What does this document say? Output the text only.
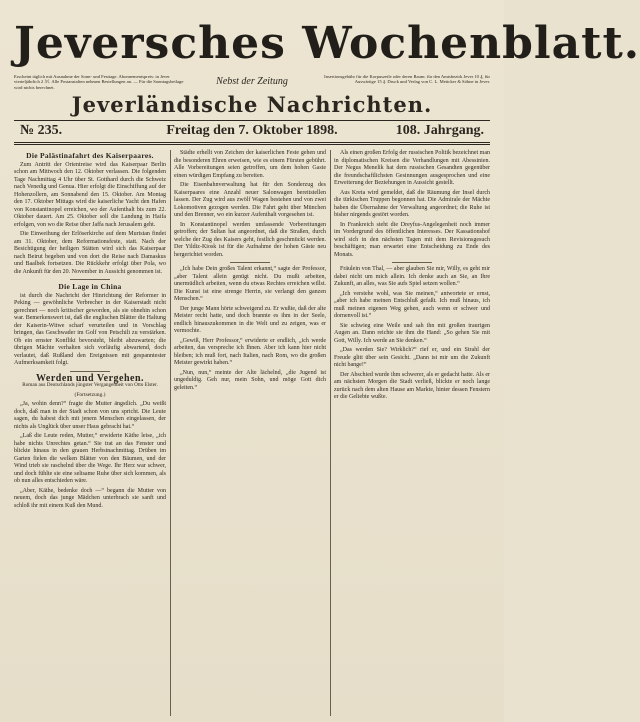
Jeversches Wochenblatt.
Erscheint täglich mit Ausnahme der Sonn- und Festtage. Abonnementspreis: in Jever vierteljährlich 2 ℳ. Alle Postanstalten nehmen Bestellungen an. — Für die Sonntagsbeilage wird nichts berechnet.
Nebst der Zeitung	Insertionsgebühr für die Korpuszeile oder deren Raum: für den Amtsbezirk Jever 10 ₰, für Auswärtige 15 ₰. Druck und Verlag von C. L. Mettcker & Söhne in Jever.
Jeverländische Nachrichten.
№ 235.	Freitag den 7. Oktober 1898.	108. Jahrgang.
Die Palästinafahrt des Kaiserpaares.

Zum Antritt der Orientreise wird das Kaiserpaar Berlin schon am Mittwoch den 12. Oktober verlassen. Die folgenden Tage Nachmittag 4 Uhr über St. Gotthard durch die Schweiz nach Venedig und Genua. Hier erfolgt die Einschiffung auf der Hohenzollern, am Sonnabend den 15. Oktober. Am Montag den 17. Oktober Mittags wird die kaiserliche Yacht den Hafen von Konstantinopel erreichen, wo der Aufenthalt bis zum 22. Oktober dauert. Am 25. Oktober soll die Landung in Haifa erfolgen, von wo die Reise über Jaffa nach Jerusalem geht.

Die Einweihung der Erlöserkirche auf dem Muristan findet am 31. Oktober, dem Reformationsfeste, statt. Nach der Besichtigung der heiligen Stätten wird sich das Kaiserpaar nach Beirut begeben und von dort die Reise nach Damaskus und Baalbek fortsetzen. Die Rückkehr erfolgt über Pola, wo die Ankunft für den 20. November in Aussicht genommen ist.

Die Lage in China

ist durch die Nachricht der Hinrichtung der Reformer in Peking — gewöhnliche Verbrecher in der Kaiserstadt nicht gerechnet — noch kritischer geworden, als sie ohnehin schon war. Bemerkenswert ist, daß die englischen Blätter die Haltung der Kaiserin-Witwe scharf verurteilen und in Vorschlag bringen, das Geschwader im Golf von Petschili zu verstärken. Ob ein ernster Konflikt bevorsteht, bleibt abzuwarten; die übrigen Mächte verhalten sich vorläufig abwartend, doch verlautet, daß Rußland den Ereignissen mit gespanntester Aufmerksamkeit folgt.

Werden und Vergehen.
Roman aus Deutschlands jüngster Vergangenheit von Otto Elster.
(Fortsetzung.)

„Ja, wohin denn?“ fragte die Mutter ängstlich. „Du weißt doch, daß man in der Stadt schon von uns spricht. Die Leute sagen, du habest dich mit jenem Menschen eingelassen, der nichts als Unglück über unser Haus gebracht hat.“

„Laß die Leute reden, Mutter,“ erwiderte Käthe leise, „ich habe nichts Unrechtes getan.“ Sie trat an das Fenster und blickte hinaus in den grauen Herbstnachmittag. Drüben im Garten fielen die welken Blätter von den Bäumen, und der Wind trieb sie raschelnd über die Wege. Ihr Herz war schwer, und doch fühlte sie eine seltsame Ruhe über sich kommen, als ob nun alles entschieden wäre.

„Aber, Käthe, bedenke doch —“ begann die Mutter von neuem, doch das junge Mädchen unterbrach sie sanft und schloß ihr mit einem Kuß den Mund.

Städte erhellt von Zeichen der kaiserlichen Feste gehen und die besonderen Ehren erweisen, wie es einem Fürsten gebührt. Alle Vorbereitungen seien getroffen, um dem hohen Gaste einen würdigen Empfang zu bereiten.

Die Eisenbahnverwaltung hat für den Sonderzug des Kaiserpaares eine Anzahl neuer Salonwagen bereitstellen lassen. Der Zug wird aus zwölf Wagen bestehen und von zwei Lokomotiven gezogen werden. Die Fahrt geht über München und den Brenner, wo ein kurzer Aufenthalt vorgesehen ist.

In Konstantinopel werden umfassende Vorbereitungen getroffen; der Sultan hat angeordnet, daß die Straßen, durch welche der Zug des Kaisers geht, festlich geschmückt werden. Der Yildiz-Kiosk ist für die Aufnahme der hohen Gäste neu hergerichtet worden.

„Ich habe Dein großes Talent erkannt,“ sagte der Professor, „aber Talent allein genügt nicht. Du mußt arbeiten, unermüdlich arbeiten, wenn du etwas Rechtes erreichen willst. Die Kunst ist eine strenge Herrin, sie verlangt den ganzen Menschen.“

Der junge Mann hörte schweigend zu. Er wußte, daß der alte Meister recht hatte, und doch brannte es ihm in der Seele, endlich hinauszukommen in die Welt und zu zeigen, was er vermochte.

„Gewiß, Herr Professor,“ erwiderte er endlich, „ich werde arbeiten, das verspreche ich Ihnen. Aber ich kann hier nicht bleiben; ich muß fort, nach Italien, nach Rom, wo die großen Meister gewirkt haben.“

„Nun, nun,“ meinte der Alte lächelnd, „die Jugend ist ungeduldig. Geh nur, mein Sohn, und möge Gott dich geleiten.“

Als einen großen Erfolg der russischen Politik bezeichnet man in diplomatischen Kreisen die Verhandlungen mit Abessinien. Der Negus Menelik hat dem russischen Gesandten gegenüber die freundschaftlichsten Gesinnungen ausgesprochen und eine Erweiterung der Beziehungen in Aussicht gestellt.

Aus Kreta wird gemeldet, daß die Räumung der Insel durch die türkischen Truppen begonnen hat. Die Admirale der Mächte haben die Übernahme der Verwaltung angeordnet; die Ruhe ist bisher nirgends gestört worden.

In Frankreich steht die Dreyfus-Angelegenheit noch immer im Vordergrund des öffentlichen Interesses. Der Kassationshof wird sich in den nächsten Tagen mit dem Revisionsgesuch beschäftigen; man erwartet eine Entscheidung zu Ende des Monats.

Fräulein von Thal, — aber glauben Sie mir, Willy, es geht mir dabei nicht um mich allein. Ich denke auch an Sie, an Ihre Zukunft, an alles, was Sie aufs Spiel setzen wollen.“

„Ich verstehe wohl, was Sie meinen,“ antwortete er ernst, „aber ich habe meinen Entschluß gefaßt. Ich muß hinaus, ich muß meinen eigenen Weg gehen, auch wenn er schwer und dornenvoll ist.“

Sie schwieg eine Weile und sah ihn mit großen traurigen Augen an. Dann reichte sie ihm die Hand: „So gehen Sie mit Gott, Willy. Ich werde an Sie denken.“

„Das werden Sie? Wirklich?“ rief er, und ein Strahl der Freude glitt über sein Gesicht. „Dann ist mir um die Zukunft nicht bange!“

Der Abschied wurde ihm schwerer, als er gedacht hatte. Als er am nächsten Morgen die Stadt verließ, blickte er noch lange zurück nach dem alten Hause am Markte, hinter dessen Fenstern er die Geliebte wußte.
